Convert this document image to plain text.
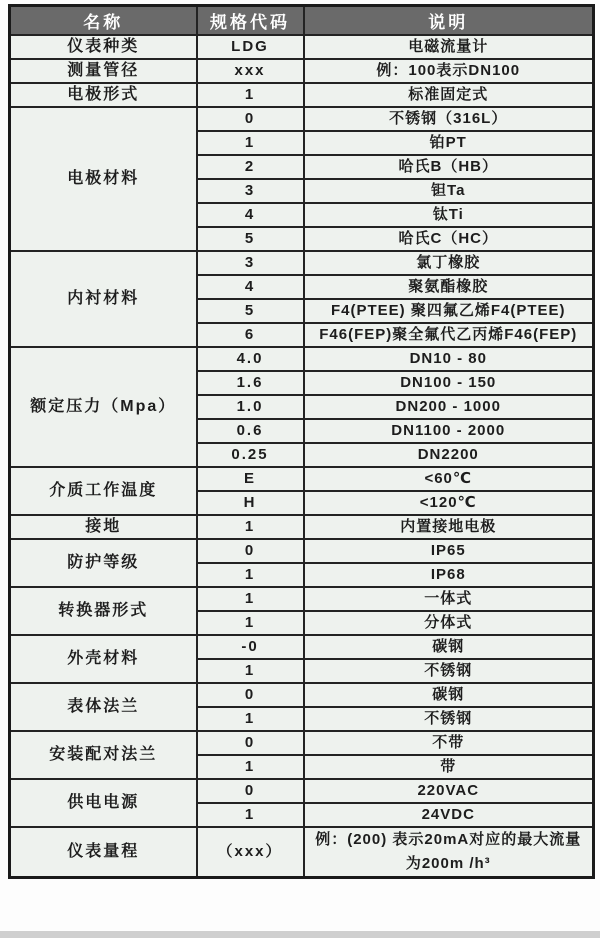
名称	规格代码	说明
仪表种类	LDG	电磁流量计
测量管径	xxx	例：100表示DN100
电极形式	1	标准固定式
电极材料	0	不锈钢（316L）
	1	铂PT
	2	哈氏B（HB）
	3	钽Ta
	4	钛Ti
	5	哈氏C（HC）
内衬材料	3	氯丁橡胶
	4	聚氨酯橡胶
	5	F4(PTEE) 聚四氟乙烯F4(PTEE)
	6	F46(FEP)聚全氟代乙丙烯F46(FEP)
额定压力（Mpa）	4.0	DN10 - 80
	1.6	DN100 - 150
	1.0	DN200 - 1000
	0.6	DN1100 - 2000
	0.25	DN2200
介质工作温度	E	<60℃
	H	<120℃
接地	1	内置接地电极
防护等级	0	IP65
	1	IP68
转换器形式	1	一体式
	1	分体式
外壳材料	-0	碳钢
	1	不锈钢
表体法兰	0	碳钢
	1	不锈钢
安装配对法兰	0	不带
	1	带
供电电源	0	220VAC
	1	24VDC
仪表量程	（xxx）	例：(200) 表示20mA对应的最大流量为200m /h³
